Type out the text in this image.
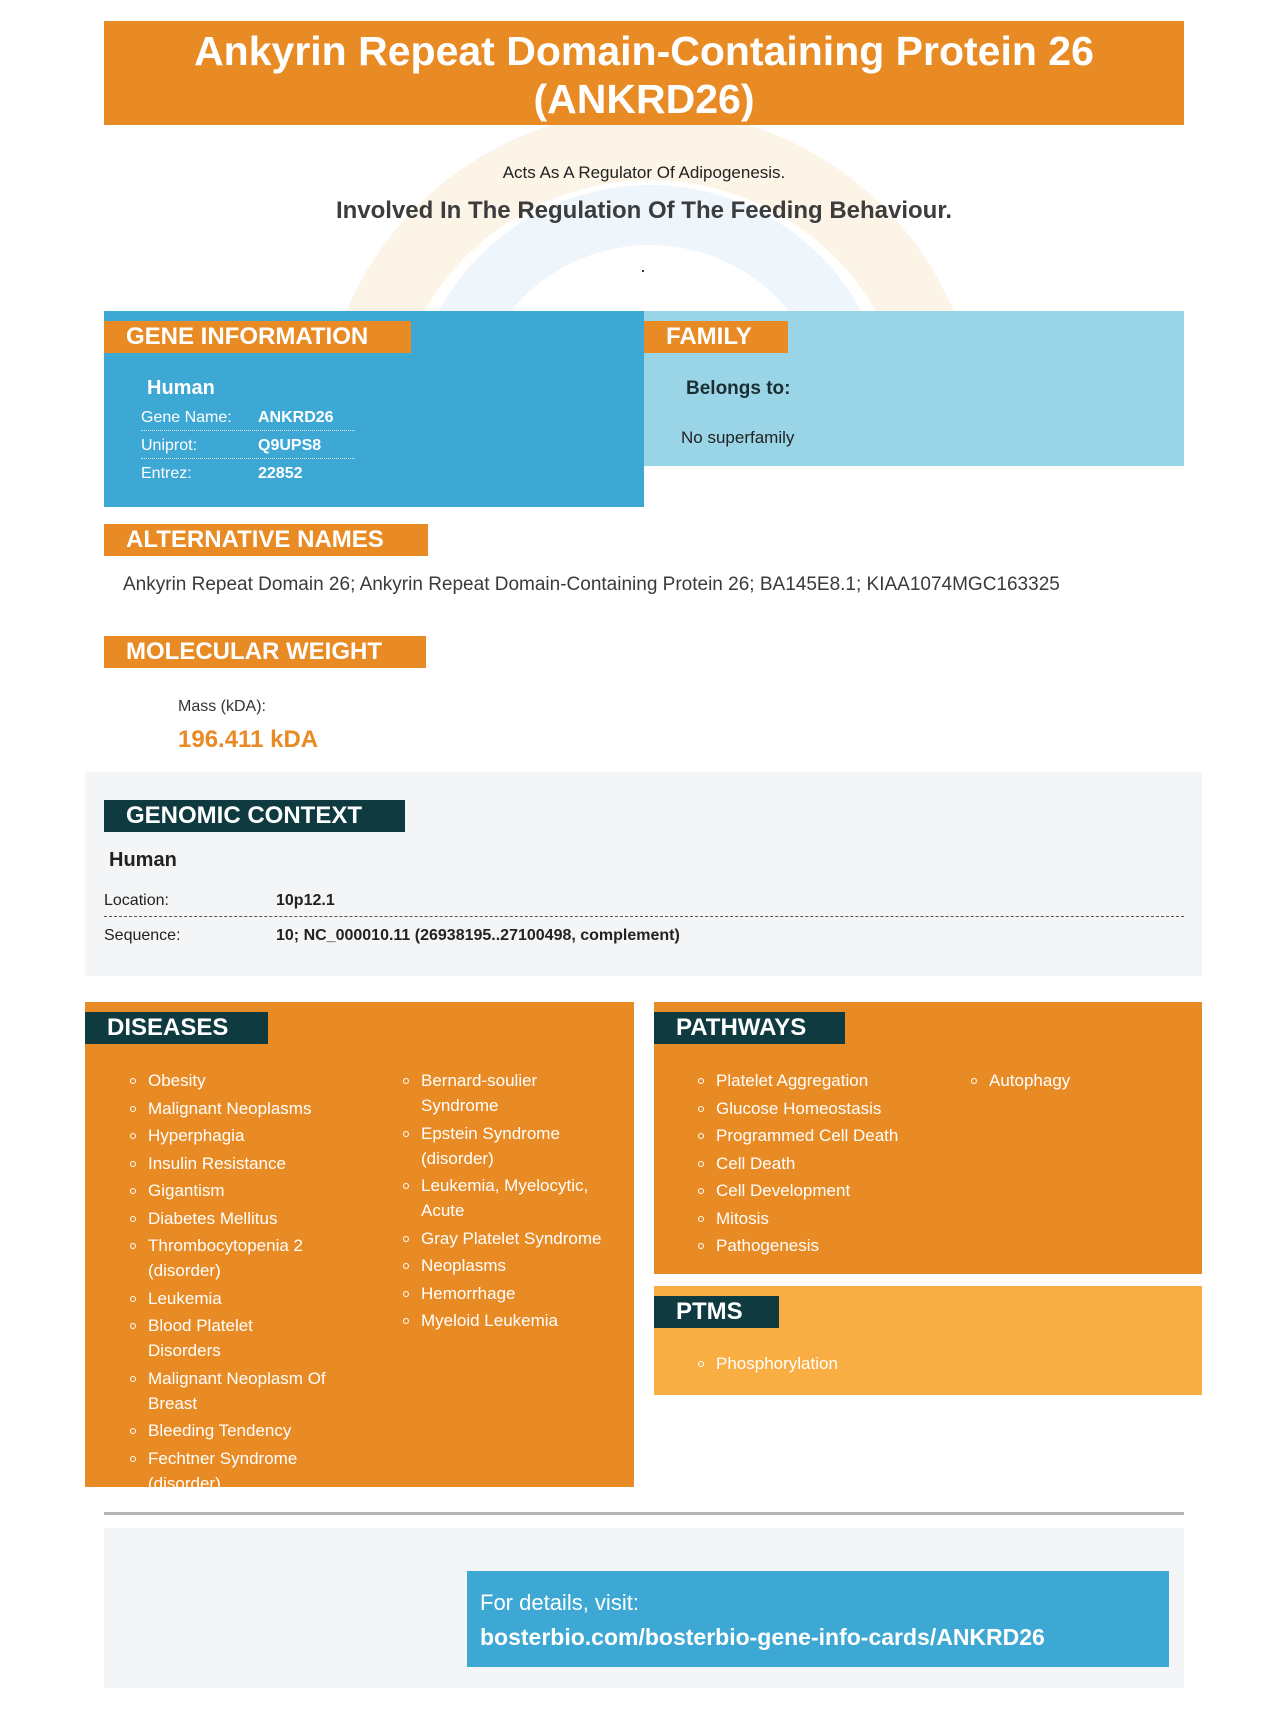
Ankyrin Repeat Domain-Containing Protein 26 (ANKRD26)
Acts As A Regulator Of Adipogenesis.
Involved In The Regulation Of The Feeding Behaviour.
GENE INFORMATION
Human
Gene Name: ANKRD26
Uniprot:	Q9UPS8
Entrez:	22852
FAMILY
Belongs to:
No superfamily
ALTERNATIVE NAMES
Ankyrin Repeat Domain 26; Ankyrin Repeat Domain-Containing Protein 26; BA145E8.1; KIAA1074MGC163325
MOLECULAR WEIGHT
Mass (kDA):
196.411 kDA
GENOMIC CONTEXT
Human
Location:	10p12.1
Sequence:	10; NC_000010.11 (26938195..27100498, complement)
DISEASES
Obesity
Malignant Neoplasms
Hyperphagia
Insulin Resistance
Gigantism
Diabetes Mellitus
Thrombocytopenia 2 (disorder)
Leukemia
Blood Platelet Disorders
Malignant Neoplasm Of Breast
Bleeding Tendency
Fechtner Syndrome (disorder)
Bernard-soulier Syndrome
Epstein Syndrome (disorder)
Leukemia, Myelocytic, Acute
Gray Platelet Syndrome
Neoplasms
Hemorrhage
Myeloid Leukemia
PATHWAYS
Platelet Aggregation
Glucose Homeostasis
Programmed Cell Death
Cell Death
Cell Development
Mitosis
Pathogenesis
Autophagy
PTMS
Phosphorylation
For details, visit:
bosterbio.com/bosterbio-gene-info-cards/ANKRD26
